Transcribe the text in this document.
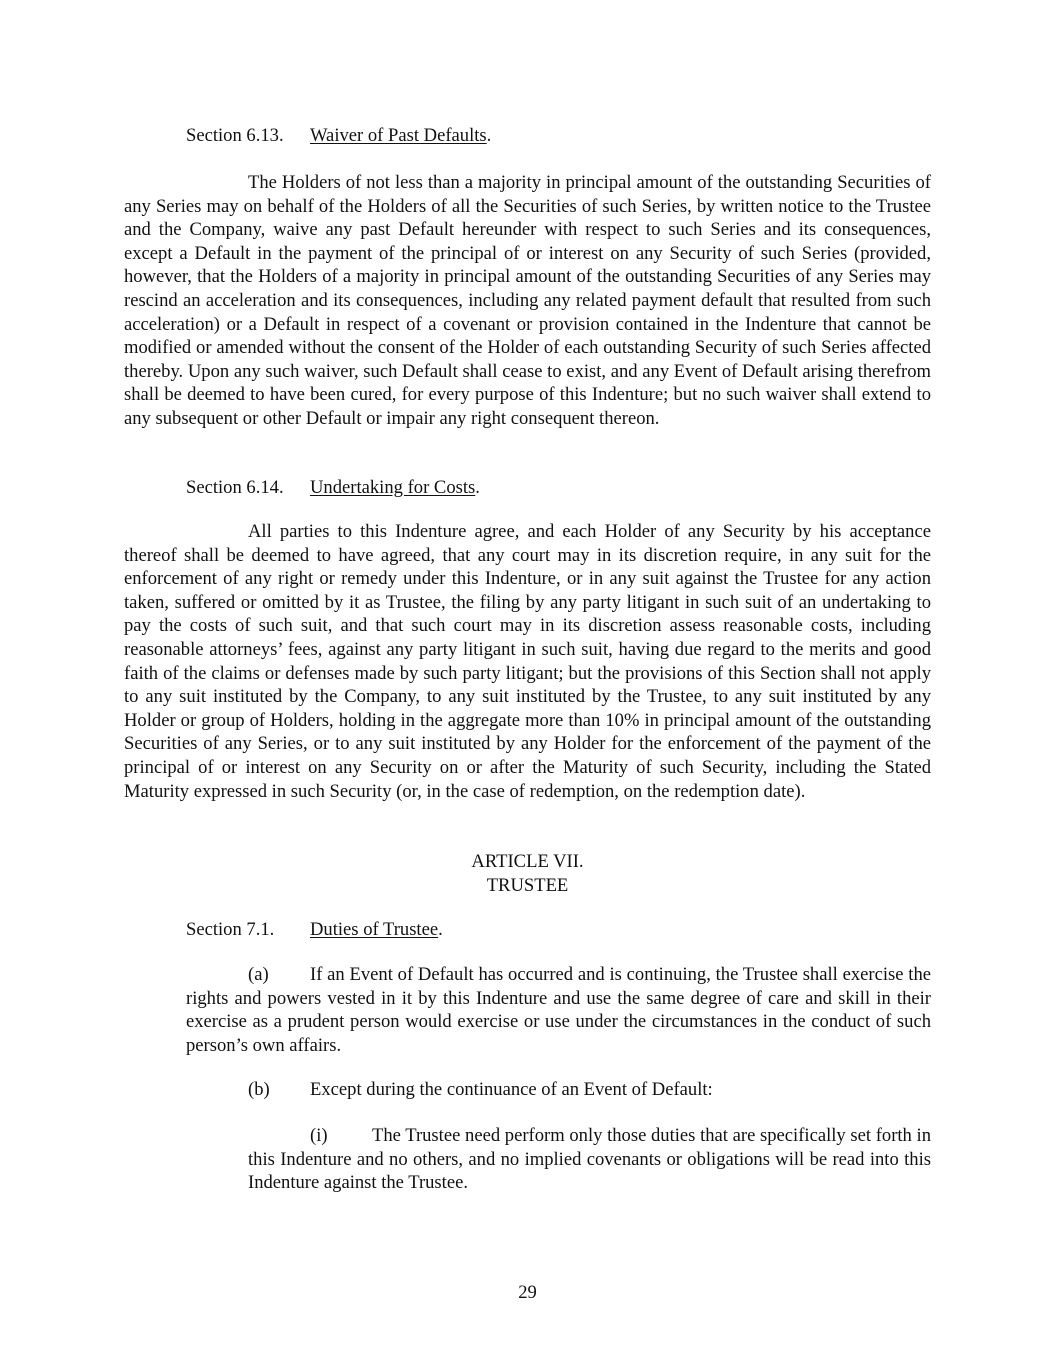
Section 6.13. Waiver of Past Defaults.

The Holders of not less than a majority in principal amount of the outstanding Securities of any Series may on behalf of the Holders of all the Securities of such Series, by written notice to the Trustee and the Company, waive any past Default hereunder with respect to such Series and its consequences, except a Default in the payment of the principal of or interest on any Security of such Series (provided, however, that the Holders of a majority in principal amount of the outstanding Securities of any Series may rescind an acceleration and its consequences, including any related payment default that resulted from such acceleration) or a Default in respect of a covenant or provision contained in the Indenture that cannot be modified or amended without the consent of the Holder of each outstanding Security of such Series affected thereby. Upon any such waiver, such Default shall cease to exist, and any Event of Default arising therefrom shall be deemed to have been cured, for every purpose of this Indenture; but no such waiver shall extend to any subsequent or other Default or impair any right consequent thereon.

Section 6.14. Undertaking for Costs.

All parties to this Indenture agree, and each Holder of any Security by his acceptance thereof shall be deemed to have agreed, that any court may in its discretion require, in any suit for the enforcement of any right or remedy under this Indenture, or in any suit against the Trustee for any action taken, suffered or omitted by it as Trustee, the filing by any party litigant in such suit of an undertaking to pay the costs of such suit, and that such court may in its discretion assess reasonable costs, including reasonable attorneys’ fees, against any party litigant in such suit, having due regard to the merits and good faith of the claims or defenses made by such party litigant; but the provisions of this Section shall not apply to any suit instituted by the Company, to any suit instituted by the Trustee, to any suit instituted by any Holder or group of Holders, holding in the aggregate more than 10% in principal amount of the outstanding Securities of any Series, or to any suit instituted by any Holder for the enforcement of the payment of the principal of or interest on any Security on or after the Maturity of such Security, including the Stated Maturity expressed in such Security (or, in the case of redemption, on the redemption date).

ARTICLE VII.
TRUSTEE
Section 7.1. Duties of Trustee.

(a) If an Event of Default has occurred and is continuing, the Trustee shall exercise the rights and powers vested in it by this Indenture and use the same degree of care and skill in their exercise as a prudent person would exercise or use under the circumstances in the conduct of such person’s own affairs.

(b) Except during the continuance of an Event of Default:

(i) The Trustee need perform only those duties that are specifically set forth in this Indenture and no others, and no implied covenants or obligations will be read into this Indenture against the Trustee.

29
